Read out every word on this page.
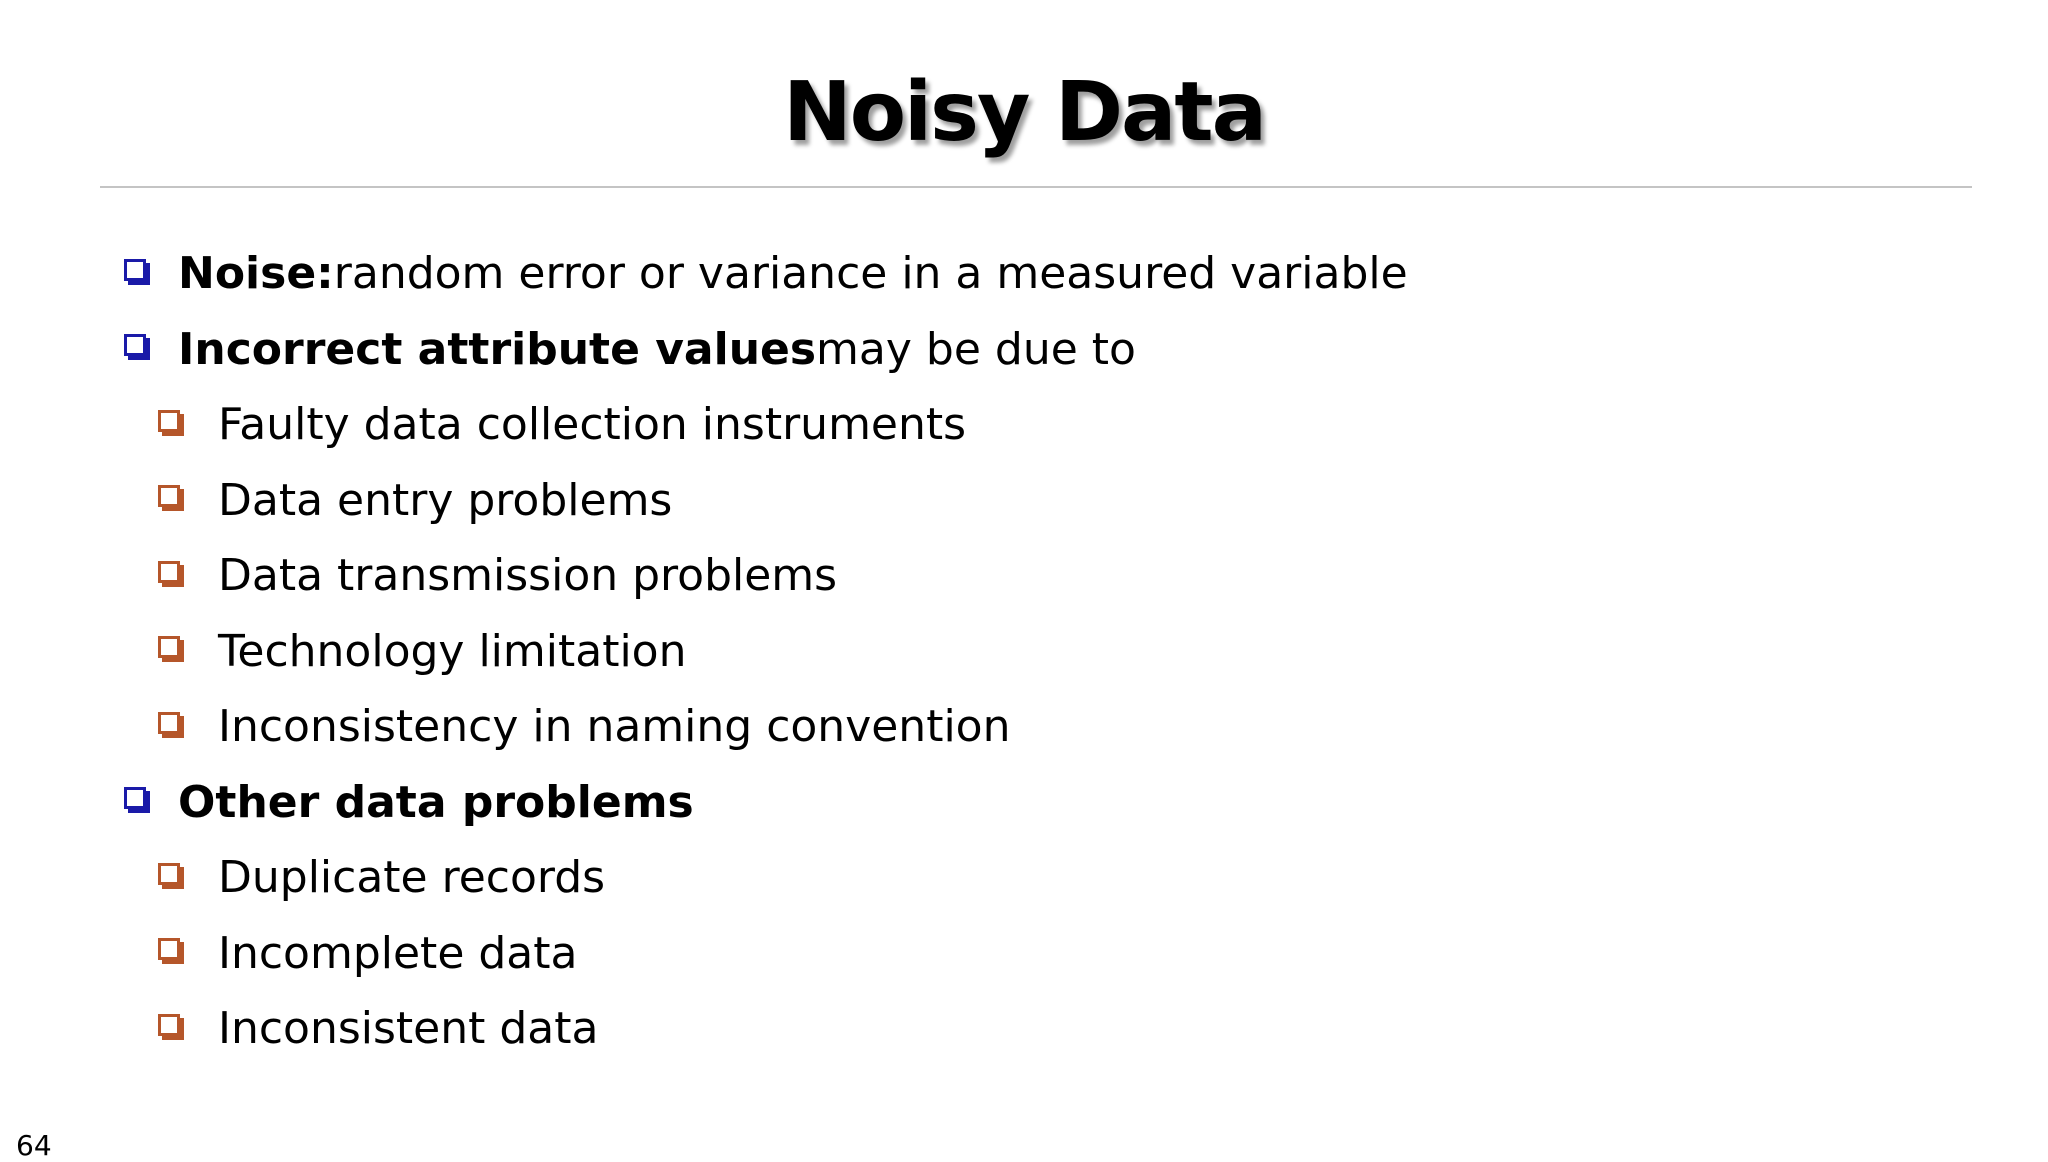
Noisy Data
Noise: random error or variance in a measured variable
Incorrect attribute values may be due to
Faulty data collection instruments
Data entry problems
Data transmission problems
Technology limitation
Inconsistency in naming convention
Other data problems
Duplicate records
Incomplete data
Inconsistent data
64
